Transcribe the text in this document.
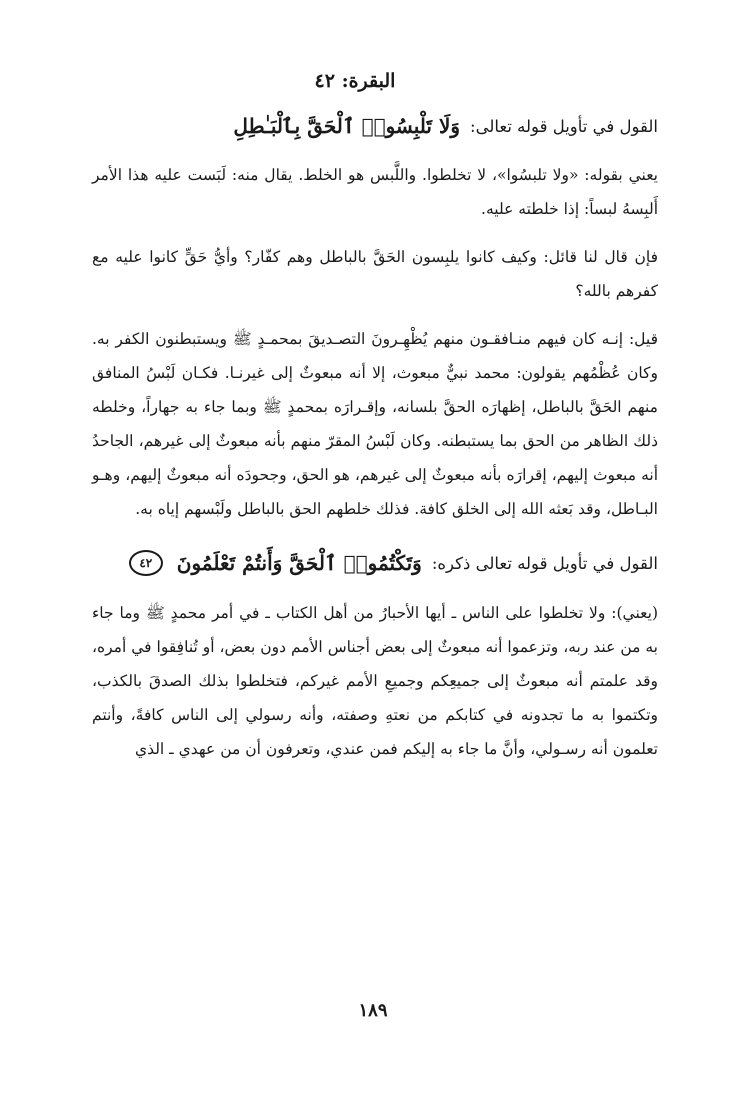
البقرة: ٤٢
القول في تأويل قوله تعالى:
وَلَا تَلْبِسُوا۟ ٱلْحَقَّ بِٱلْبَـٰطِلِ

يعني بقوله: «ولا تلبسُوا»، لا تخلطوا. واللَّبس هو الخلط. يقال منه: لَبَست عليه هذا الأمر أَلبِسهُ لبساً: إذا خلطته عليه.

فإن قال لنا قائل: وكيف كانوا يلبِسون الحَقَّ بالباطل وهم كفّار؟ وأيُّ حَقٍّ كانوا عليه مع كفرهم بالله؟

قيل: إنـه كان فيهم منـافقـون منهم يُظْهِـرونَ التصـديقَ بمحمـدٍ ﷺ ويستبطنون الكفر به. وكان عُظْمُهم يقولون: محمد نبيٌّ مبعوث، إلا أنه مبعوثٌ إلى غيرنـا. فكـان لَبْسُ المنافق منهم الحَقَّ بالباطل، إظهارَه الحقَّ بلسانه، وإقـرارَه بمحمدٍ ﷺ وبما جاء به جهاراً، وخلطه ذلك الظاهر من الحق بما يستبطنه. وكان لَبْسُ المقرّ منهم بأنه مبعوثٌ إلى غيرهم، الجاحدُ أنه مبعوث إليهم، إقرارَه بأنه مبعوثٌ إلى غيرهم، هو الحق، وجحودَه أنه مبعوثٌ إليهم، وهـو البـاطل، وقد بَعثه الله إلى الخلق كافة. فذلك خلطهم الحق بالباطل ولَبْسهم إياه به.

القول في تأويل قوله تعالى ذكره:
وَتَكْتُمُوا۟ ٱلْحَقَّ وَأَنتُمْ تَعْلَمُونَ
٤٢

(يعني): ولا تخلطوا على الناس ـ أيها الأحبارُ من أهل الكتاب ـ في أمر محمدٍ ﷺ وما جاء به من عند ربه، وتزعموا أنه مبعوثٌ إلى بعض أجناس الأمم دون بعض، أو تُنافِقوا في أمره، وقد علمتم أنه مبعوثٌ إلى جميعِكم وجميعِ الأمم غيركم، فتخلطوا بذلك الصدقَ بالكذب، وتكتموا به ما تجدونه في كتابكم من نعتهِ وصفته، وأنه رسولي إلى الناس كافةً، وأنتم تعلمون أنه رسـولي، وأنَّ ما جاء به إليكم فمن عندي، وتعرفون أن من عهدي ـ الذي

١٨٩
